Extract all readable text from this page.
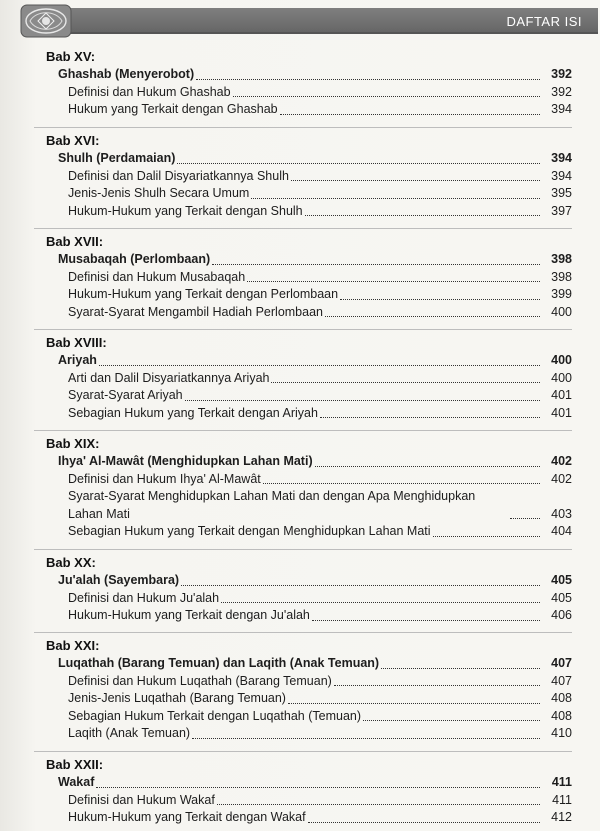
DAFTAR ISI
Bab XV:
Ghashab (Menyerobot)	392
Definisi dan Hukum Ghashab	392
Hukum yang Terkait dengan Ghashab	394
Bab XVI:
Shulh (Perdamaian)	394
Definisi dan Dalil Disyariatkannya Shulh	394
Jenis-Jenis Shulh Secara Umum	395
Hukum-Hukum yang Terkait dengan Shulh	397
Bab XVII:
Musabaqah (Perlombaan)	398
Definisi dan Hukum Musabaqah	398
Hukum-Hukum yang Terkait dengan Perlombaan	399
Syarat-Syarat Mengambil Hadiah Perlombaan	400
Bab XVIII:
Ariyah	400
Arti dan Dalil Disyariatkannya Ariyah	400
Syarat-Syarat Ariyah	401
Sebagian Hukum yang Terkait dengan Ariyah	401
Bab XIX:
Ihya' Al-Mawât (Menghidupkan Lahan Mati)	402
Definisi dan Hukum Ihya' Al-Mawât	402
Syarat-Syarat Menghidupkan Lahan Mati dan dengan Apa Menghidupkan Lahan Mati	403
Sebagian Hukum yang Terkait dengan Menghidupkan Lahan Mati	404
Bab XX:
Ju'alah (Sayembara)	405
Definisi dan Hukum Ju'alah	405
Hukum-Hukum yang Terkait dengan Ju'alah	406
Bab XXI:
Luqathah (Barang Temuan) dan Laqith (Anak Temuan)	407
Definisi dan Hukum Luqathah (Barang Temuan)	407
Jenis-Jenis Luqathah (Barang Temuan)	408
Sebagian Hukum Terkait dengan Luqathah (Temuan)	408
Laqith (Anak Temuan)	410
Bab XXII:
Wakaf	411
Definisi dan Hukum Wakaf	411
Hukum-Hukum yang Terkait dengan Wakaf	412
